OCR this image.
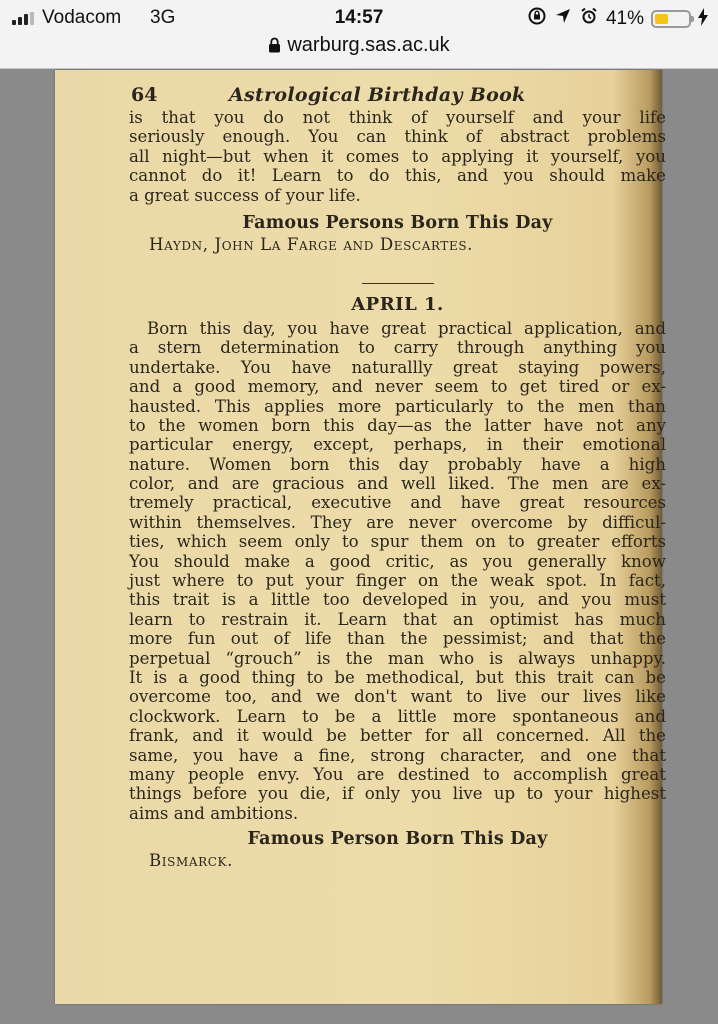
Vodacom 3G	14:57	41%
warburg.sas.ac.uk
64	Astrological Birthday Book
is that you do not think of yourself and your life
seriously enough. You can think of abstract problems
all night—but when it comes to applying it yourself, you
cannot do it! Learn to do this, and you should make
a great success of your life.
Famous Persons Born This Day
Haydn, John La Farge and Descartes.
APRIL 1.
Born this day, you have great practical application, and
a stern determination to carry through anything you
undertake. You have naturallly great staying powers,
and a good memory, and never seem to get tired or ex-
hausted. This applies more particularly to the men than
to the women born this day—as the latter have not any
particular energy, except, perhaps, in their emotional
nature. Women born this day probably have a high
color, and are gracious and well liked. The men are ex-
tremely practical, executive and have great resources
within themselves. They are never overcome by difficul-
ties, which seem only to spur them on to greater efforts
You should make a good critic, as you generally know
just where to put your finger on the weak spot. In fact,
this trait is a little too developed in you, and you must
learn to restrain it. Learn that an optimist has much
more fun out of life than the pessimist; and that the
perpetual “grouch” is the man who is always unhappy.
It is a good thing to be methodical, but this trait can be
overcome too, and we don't want to live our lives like
clockwork. Learn to be a little more spontaneous and
frank, and it would be better for all concerned. All the
same, you have a fine, strong character, and one that
many people envy. You are destined to accomplish great
things before you die, if only you live up to your highest
aims and ambitions.
Famous Person Born This Day
Bismarck.
